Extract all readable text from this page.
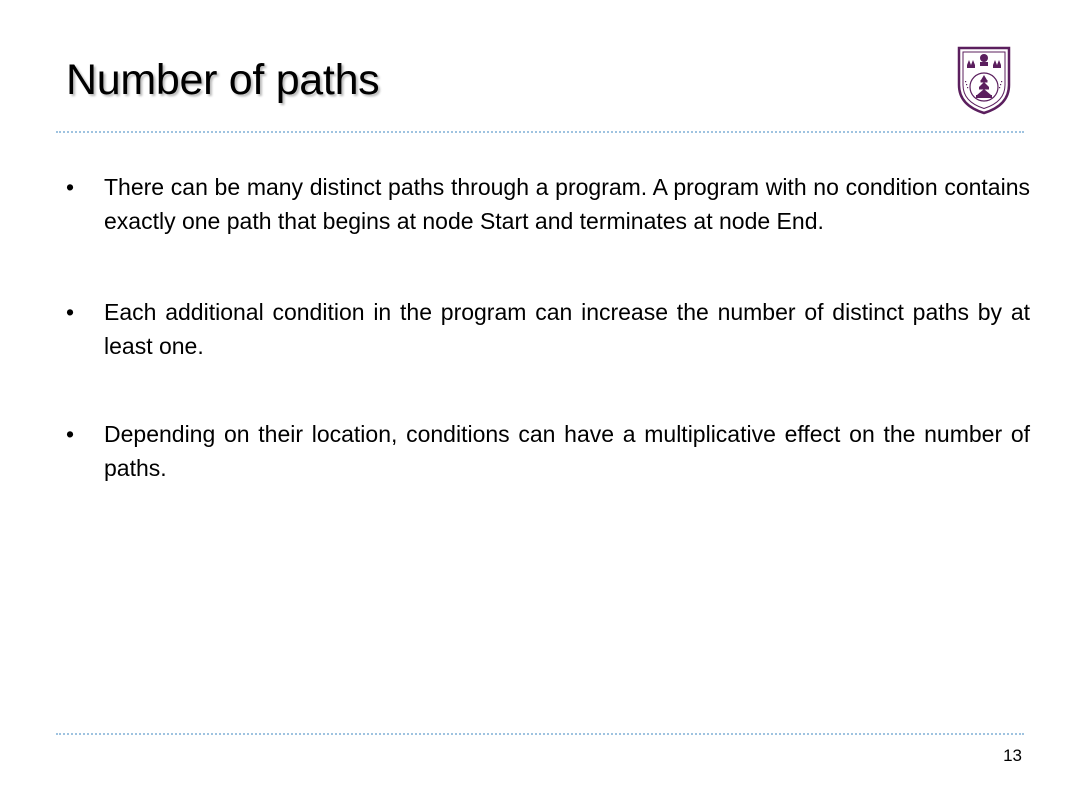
Number of paths
• There can be many distinct paths through a program. A program with no condition contains exactly one path that begins at node Start and terminates at node End.
• Each additional condition in the program can increase the number of distinct paths by at least one.
• Depending on their location, conditions can have a multiplicative effect on the number of paths.
13
